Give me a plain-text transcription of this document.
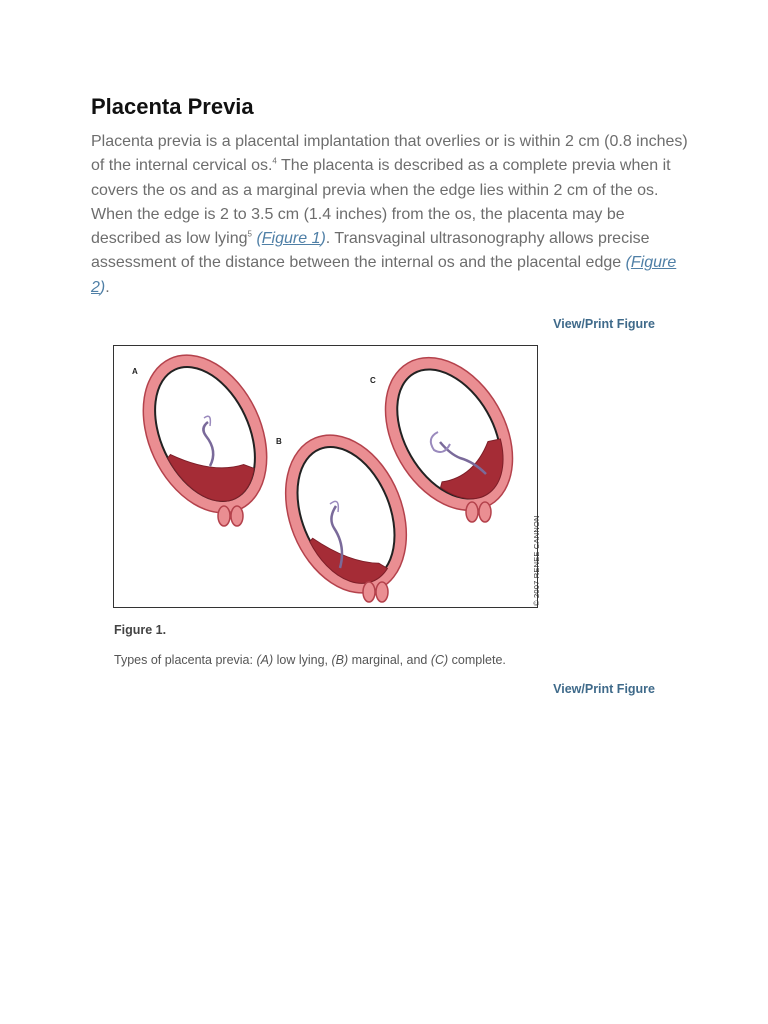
Placenta Previa

Placenta previa is a placental implantation that overlies or is within 2 cm (0.8 inches) of the internal cervical os.$^4$ The placenta is described as a complete previa when it covers the os and as a marginal previa when the edge lies within 2 cm of the os. When the edge is 2 to 3.5 cm (1.4 inches) from the os, the placenta may be described as low lying$^5$ (Figure 1). Transvaginal ultrasonography allows precise assessment of the distance between the internal os and the placental edge (Figure 2).

View/Print Figure
A
B
C
© 2007 RENEE CANNON
Figure 1.
Types of placenta previa: (A) low lying, (B) marginal, and (C) complete.
View/Print Figure
